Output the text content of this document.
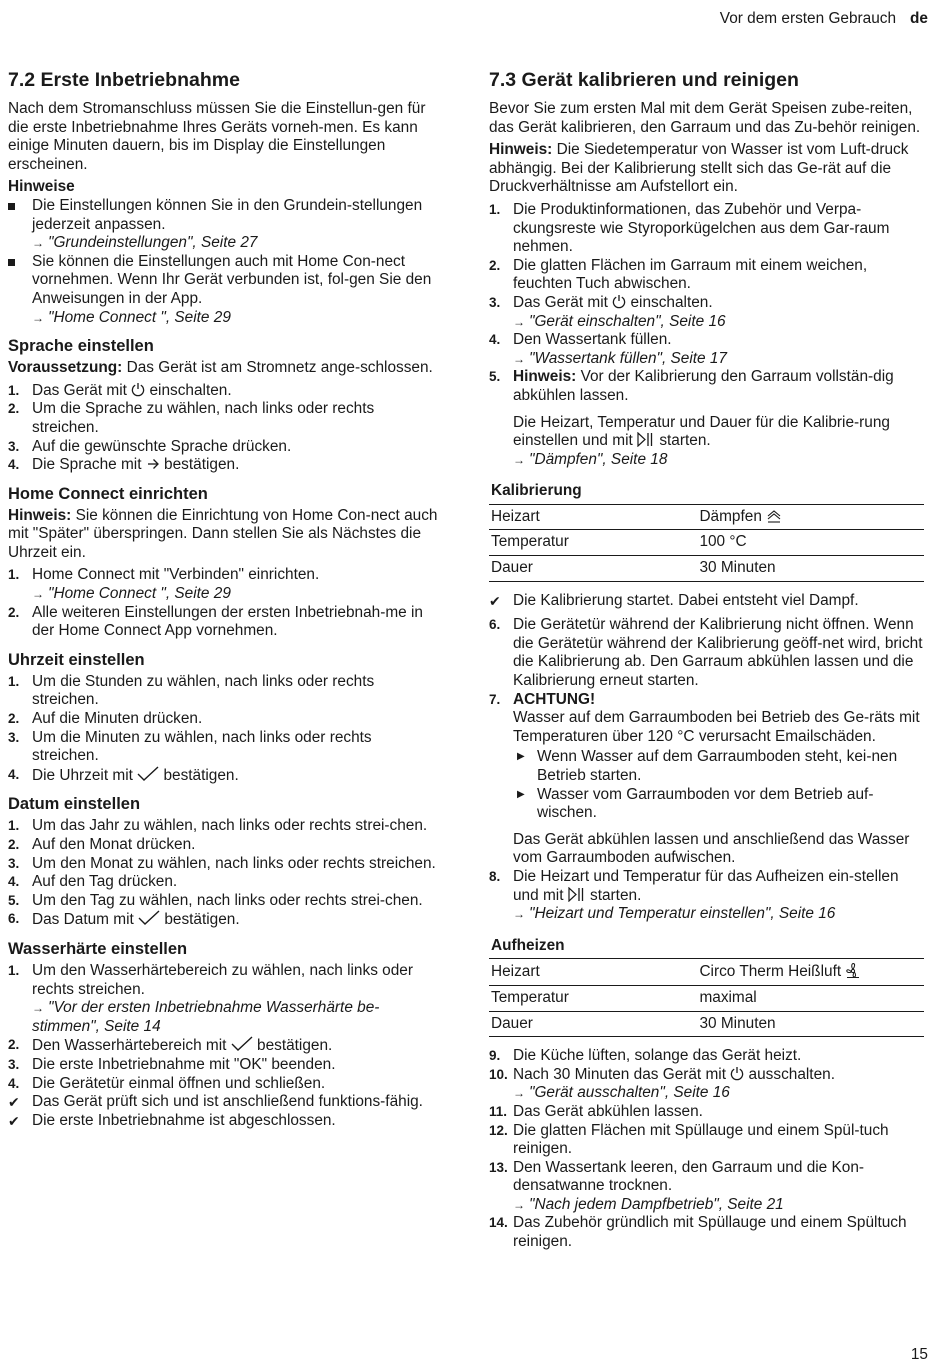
Vor dem ersten Gebrauch de
7.2 Erste Inbetriebnahme

Nach dem Stromanschluss müssen Sie die Einstellun-gen für die erste Inbetriebnahme Ihres Geräts vorneh-men. Es kann einige Minuten dauern, bis im Display die Einstellungen erscheinen.

Hinweise
Die Einstellungen können Sie in den Grundein-stellungen jederzeit anpassen.
→ "Grundeinstellungen", Seite 27
Sie können die Einstellungen auch mit Home Con-nect vornehmen. Wenn Ihr Gerät verbunden ist, fol-gen Sie den Anweisungen in der App.
→ "Home Connect ", Seite 29
Sprache einstellen

Voraussetzung: Das Gerät ist am Stromnetz ange-schlossen.

1. Das Gerät mit  einschalten.
2. Um die Sprache zu wählen, nach links oder rechts streichen.
3. Auf die gewünschte Sprache drücken.
4. Die Sprache mit  bestätigen.
Home Connect einrichten

Hinweis: Sie können die Einrichtung von Home Con-nect auch mit "Später" überspringen. Dann stellen Sie als Nächstes die Uhrzeit ein.

1. Home Connect mit "Verbinden" einrichten.
→ "Home Connect ", Seite 29
2. Alle weiteren Einstellungen der ersten Inbetriebnah-me in der Home Connect App vornehmen.
Uhrzeit einstellen
1. Um die Stunden zu wählen, nach links oder rechts streichen.
2. Auf die Minuten drücken.
3. Um die Minuten zu wählen, nach links oder rechts streichen.
4. Die Uhrzeit mit  bestätigen.
Datum einstellen
1. Um das Jahr zu wählen, nach links oder rechts strei-chen.
2. Auf den Monat drücken.
3. Um den Monat zu wählen, nach links oder rechts streichen.
4. Auf den Tag drücken.
5. Um den Tag zu wählen, nach links oder rechts strei-chen.
6. Das Datum mit  bestätigen.
Wasserhärte einstellen
1. Um den Wasserhärtebereich zu wählen, nach links oder rechts streichen.
→ "Vor der ersten Inbetriebnahme Wasserhärte be-stimmen", Seite 14
2. Den Wasserhärtebereich mit  bestätigen.
3. Die erste Inbetriebnahme mit "OK" beenden.
4. Die Gerätetür einmal öffnen und schließen.
✔ Das Gerät prüft sich und ist anschließend funktions-fähig.
✔ Die erste Inbetriebnahme ist abgeschlossen.
7.3 Gerät kalibrieren und reinigen

Bevor Sie zum ersten Mal mit dem Gerät Speisen zube-reiten, das Gerät kalibrieren, den Garraum und das Zu-behör reinigen.

Hinweis: Die Siedetemperatur von Wasser ist vom Luft-druck abhängig. Bei der Kalibrierung stellt sich das Ge-rät auf die Druckverhältnisse am Aufstellort ein.

1. Die Produktinformationen, das Zubehör und Verpa-ckungsreste wie Styroporkügelchen aus dem Gar-raum nehmen.
2. Die glatten Flächen im Garraum mit einem weichen, feuchten Tuch abwischen.
3. Das Gerät mit  einschalten.
→ "Gerät einschalten", Seite 16
4. Den Wassertank füllen.
→ "Wassertank füllen", Seite 17
5. Hinweis: Vor der Kalibrierung den Garraum vollstän-dig abkühlen lassen.
Die Heizart, Temperatur und Dauer für die Kalibrie-rung einstellen und mit  starten.
→ "Dämpfen", Seite 18
Kalibrierung	
Heizart	Dämpfen
Temperatur	100 °C
Dauer	30 Minuten
✔ Die Kalibrierung startet. Dabei entsteht viel Dampf.
6. Die Gerätetür während der Kalibrierung nicht öffnen. Wenn die Gerätetür während der Kalibrierung geöff-net wird, bricht die Kalibrierung ab. Den Garraum abkühlen lassen und die Kalibrierung erneut starten.
7. ACHTUNG!
Wasser auf dem Garraumboden bei Betrieb des Ge-räts mit Temperaturen über 120 °C verursacht Emailschäden.
▶ Wenn Wasser auf dem Garraumboden steht, kei-nen Betrieb starten.
▶ Wasser vom Garraumboden vor dem Betrieb auf-wischen.
Das Gerät abkühlen lassen und anschließend das Wasser vom Garraumboden aufwischen.
8. Die Heizart und Temperatur für das Aufheizen ein-stellen und mit  starten.
→ "Heizart und Temperatur einstellen", Seite 16
Aufheizen	
Heizart	Circo Therm Heißluft
Temperatur	maximal
Dauer	30 Minuten
9. Die Küche lüften, solange das Gerät heizt.
10. Nach 30 Minuten das Gerät mit  ausschalten.
→ "Gerät ausschalten", Seite 16
11. Das Gerät abkühlen lassen.
12. Die glatten Flächen mit Spüllauge und einem Spül-tuch reinigen.
13. Den Wassertank leeren, den Garraum und die Kon-densatwanne trocknen.
→ "Nach jedem Dampfbetrieb", Seite 21
14. Das Zubehör gründlich mit Spüllauge und einem Spültuch reinigen.
15
